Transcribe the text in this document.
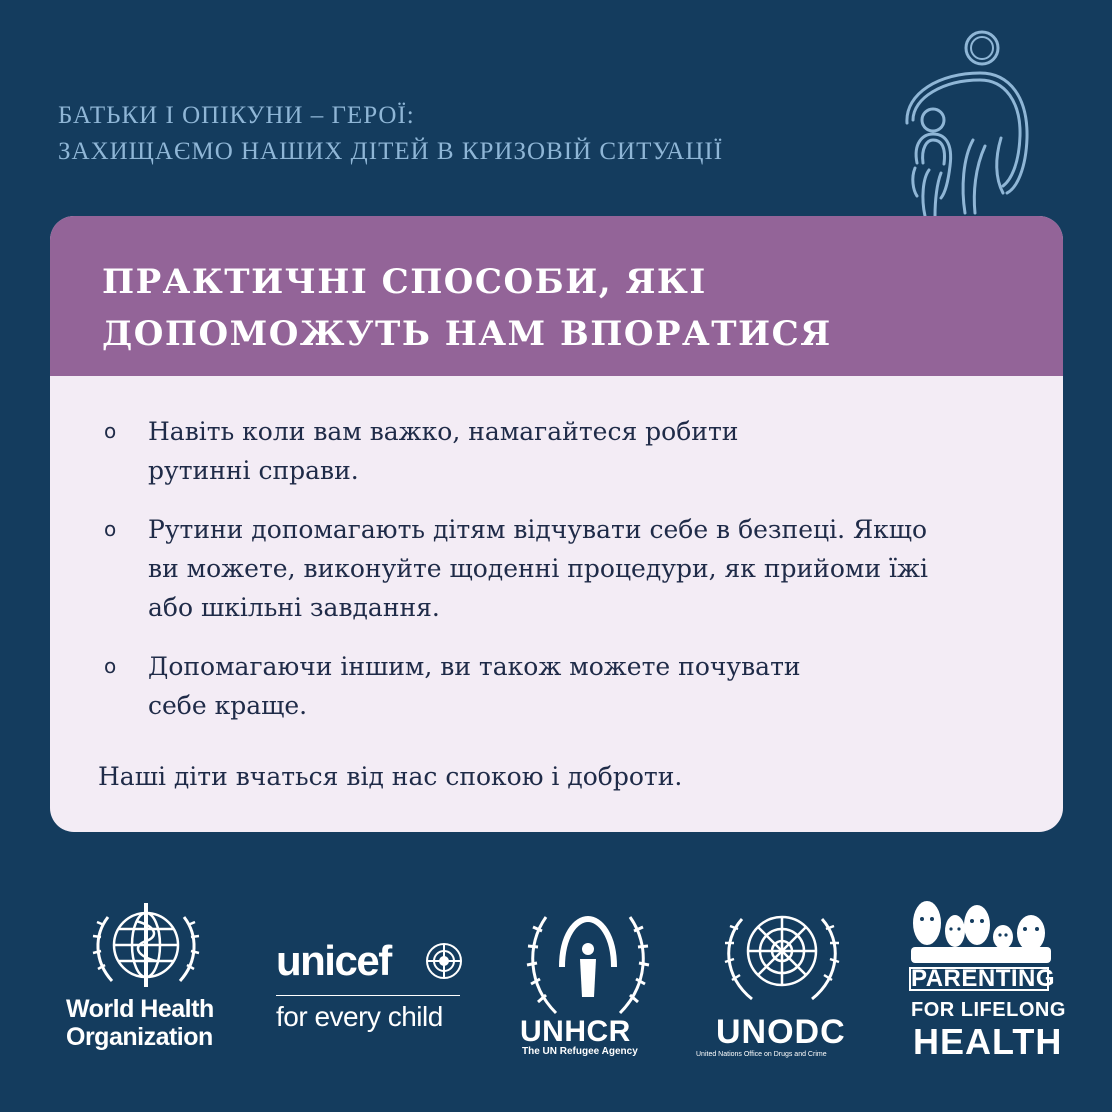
БАТЬКИ І ОПІКУНИ – ГЕРОЇ:
ЗАХИЩАЄМО НАШИХ ДІТЕЙ В КРИЗОВІЙ СИТУАЦІЇ
ПРАКТИЧНІ СПОСОБИ, ЯКІ
ДОПОМОЖУТЬ НАМ ВПОРАТИСЯ
o Навіть коли вам важко, намагайтеся робити
рутинні справи.
o Рутини допомагають дітям відчувати себе в безпеці. Якщо
ви можете, виконуйте щоденні процедури, як прийоми їжі
або шкільні завдання.
o Допомагаючи іншим, ви також можете почувати
себе краще.
Наші діти вчаться від нас спокою і доброти.
World Health
Organization
unicef
for every child	UNHCR
The UN Refugee Agency
UNODC
United Nations Office on Drugs and Crime
PARENTING
FOR LIFELONG
HEALTH
